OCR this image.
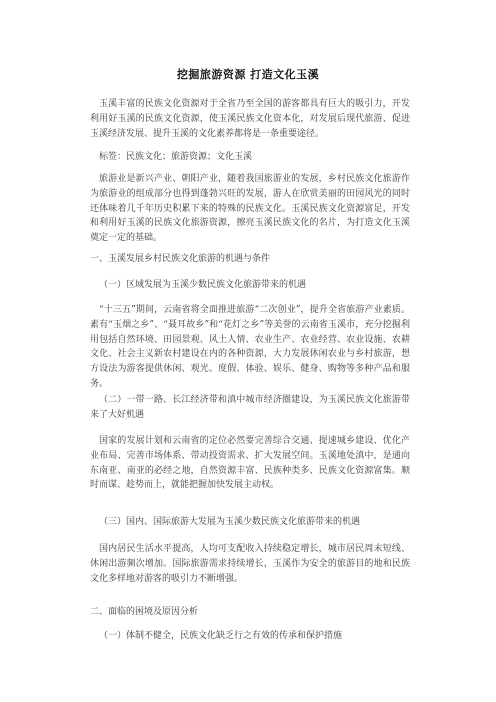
挖掘旅游资源 打造文化玉溪

玉溪丰富的民族文化资源对于全省乃至全国的游客都具有巨大的吸引力，开发利用好玉溪的民族文化资源，使玉溪民族文化资本化，对发展后现代旅游、促进玉溪经济发展、提升玉溪的文化素养都将是一条重要途径。

标签：民族文化；旅游资源；文化玉溪

旅游业是新兴产业、朝阳产业，随着我国旅游业的发展，乡村民族文化旅游作为旅游业的组成部分也得到蓬勃兴旺的发展，游人在欣赏美丽的田园风光的同时还体味着几千年历史积累下来的特殊的民族文化。玉溪民族文化资源富足，开发和利用好玉溪的民族文化旅游资源，擦亮玉溪民族文化的名片，为打造文化玉溪奠定一定的基础。

一、玉溪发展乡村民族文化旅游的机遇与条件
（一）区域发展为玉溪少数民族文化旅游带来的机遇

“十三五”期间，云南省将全面推进旅游“二次创业”，提升全省旅游产业素质。素有“玉烟之乡”、“聂耳故乡”和“花灯之乡”等美誉的云南省玉溪市，充分挖掘利用包括自然环境、田园景观、风土人情、农业生产、农业经营、农业设施、农耕文化、社会主义新农村建设在内的各种资源，大力发展休闲农业与乡村旅游，想方设法为游客提供休闲、观光、度假、体验、娱乐、健身、购物等多种产品和服务。

（二）一带一路、长江经济带和滇中城市经济圈建设，为玉溪民族文化旅游带来了大好机遇

国家的发展计划和云南省的定位必然要完善综合交通、提速城乡建设、优化产业布局、完善市场体系、带动投资需求、扩大发展空间。玉溪地处滇中，是通向东南亚、南亚的必经之地，自然资源丰富、民族种类多、民族文化资源富集。顺时而谋、趁势而上，就能把握加快发展主动权。

（三）国内、国际旅游大发展为玉溪少数民族文化旅游带来的机遇

国内居民生活水平提高，人均可支配收入持续稳定增长，城市居民周末短线、休闲出游频次增加。国际旅游需求持续增长，玉溪作为安全的旅游目的地和民族文化多样地对游客的吸引力不断增强。

二、面临的困境及原因分析
（一）体制不健全，民族文化缺乏行之有效的传承和保护措施
